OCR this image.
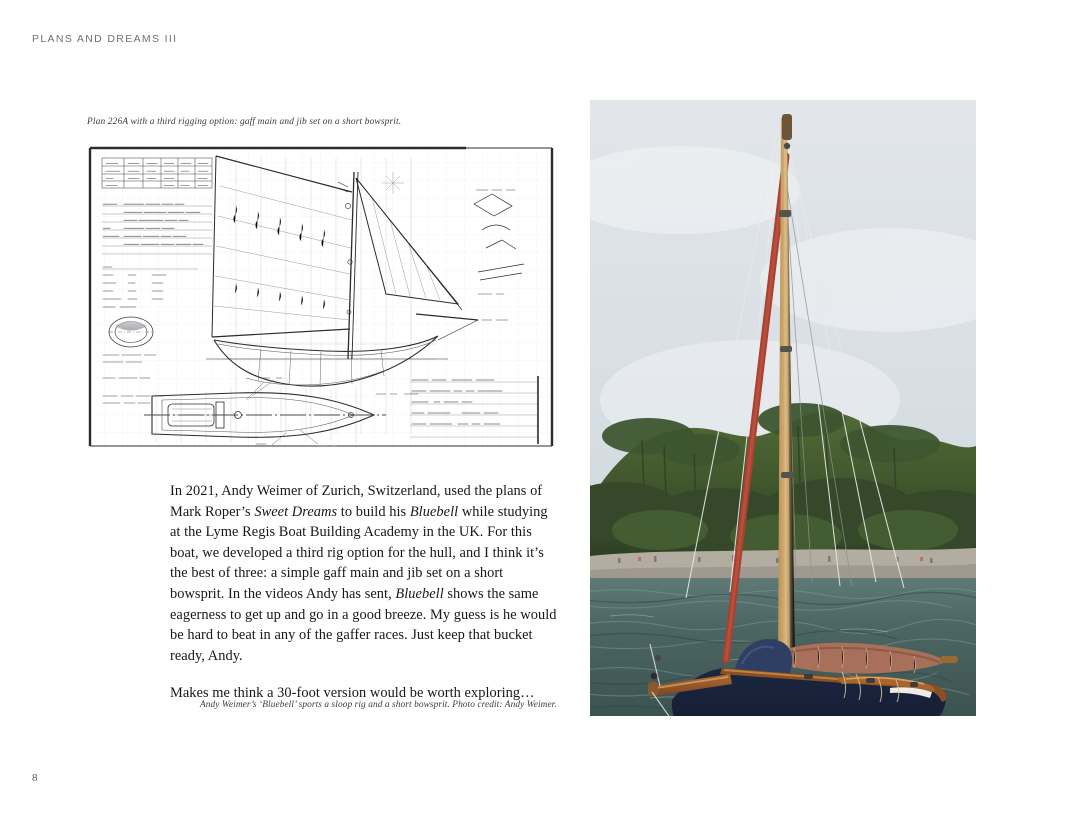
PLANS AND DREAMS III
Plan 226A with a third rigging option: gaff main and jib set on a short bowsprit.

In 2021, Andy Weimer of Zurich, Switzerland, used the plans of Mark Roper’s Sweet Dreams to build his Bluebell while studying at the Lyme Regis Boat Building Academy in the UK. For this boat, we developed a third rig option for the hull, and I think it’s the best of three: a simple gaff main and jib set on a short bowsprit. In the videos Andy has sent, Bluebell shows the same eagerness to get up and go in a good breeze. My guess is he would be hard to beat in any of the gaffer races. Just keep that bucket ready, Andy.

Makes me think a 30-foot version would be worth exploring…

Andy Weimer’s ‘Bluebell’ sports a sloop rig and a short bowsprit. Photo credit: Andy Weimer.
8
